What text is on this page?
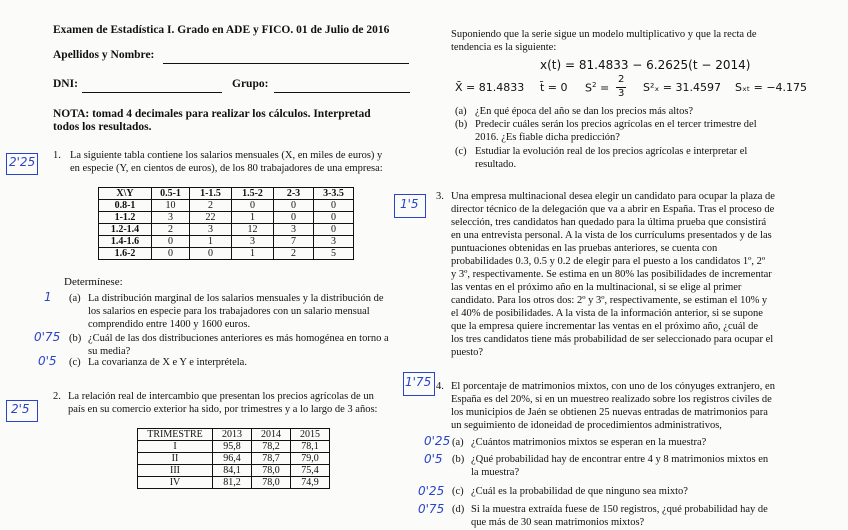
Examen de Estadística I. Grado en ADE y FICO. 01 de Julio de 2016
Apellidos y Nombre:
DNI:	Grupo:
NOTA: tomad 4 decimales para realizar los cálculos. Interpretad
todos los resultados.
2'25 1. La siguiente tabla contiene los salarios mensuales (X, en miles de euros) y
en especie (Y, en cientos de euros), de los 80 trabajadores de una empresa:
X\Y	0.5-1	1-1.5	1.5-2	2-3	3-3.5
0.8-1	10	2	0	0	0
1-1.2	3	22	1	0	0
1.2-1.4	2	3	12	3	0
1.4-1.6	0	1	3	7	3
1.6-2	0	0	1	2	5
Determínese:
1 (a) La distribución marginal de los salarios mensuales y la distribución de
los salarios en especie para los trabajadores con un salario mensual
comprendido entre 1400 y 1600 euros.
0'75 (b) ¿Cuál de las dos distribuciones anteriores es más homogénea en torno a
su media?
0'5 (c) La covarianza de X e Y e interprétela.
2'5
2. La relación real de intercambio que presentan los precios agrícolas de un
país en su comercio exterior ha sido, por trimestres y a lo largo de 3 años:
TRIMESTRE	2013	2014	2015
I	95,8	78,2	78,1
II	96,4	78,7	79,0
III	84,1	78,0	75,4
IV	81,2	78,0	74,9
Suponiendo que la serie sigue un modelo multiplicativo y que la recta de
tendencia es la siguiente:
x(t) = 81.4833 − 6.2625(t − 2014)
X̄ = 81.4833 t̄ = 0 $S^2$ =
2
3 S²ₓ = 31.4597 Sₓₜ = −4.175
(a) ¿En qué época del año se dan los precios más altos?
(b) Predecir cuáles serán los precios agrícolas en el tercer trimestre del
2016. ¿Es fiable dicha predicción?
(c) Estudiar la evolución real de los precios agrícolas e interpretar el
resultado.
1'5
3. Una empresa multinacional desea elegir un candidato para ocupar la plaza de
director técnico de la delegación que va a abrir en España. Tras el proceso de
selección, tres candidatos han quedado para la última prueba que consistirá
en una entrevista personal. A la vista de los currículums presentados y de las
puntuaciones obtenidas en las pruebas anteriores, se cuenta con
probabilidades 0.3, 0.5 y 0.2 de elegir para el puesto a los candidatos 1º, 2º
y 3º, respectivamente. Se estima en un 80% las posibilidades de incrementar
las ventas en el próximo año en la multinacional, si se elige al primer
candidato. Para los otros dos: 2º y 3º, respectivamente, se estiman el 10% y
el 40% de posibilidades. A la vista de la información anterior, si se supone
que la empresa quiere incrementar las ventas en el próximo año, ¿cuál de
los tres candidatos tiene más probabilidad de ser seleccionado para ocupar el
puesto?
1'75 4. El porcentaje de matrimonios mixtos, con uno de los cónyuges extranjero, en
España es del 20%, si en un muestreo realizado sobre los registros civiles de
los municipios de Jaén se obtienen 25 nuevas entradas de matrimonios para
un seguimiento de idoneidad de procedimientos administrativos,
0'25 (a) ¿Cuántos matrimonios mixtos se esperan en la muestra?
0'5 (b) ¿Qué probabilidad hay de encontrar entre 4 y 8 matrimonios mixtos en
la muestra?
0'25 (c) ¿Cuál es la probabilidad de que ninguno sea mixto?
0'75 (d) Si la muestra extraída fuese de 150 registros, ¿qué probabilidad hay de
que más de 30 sean matrimonios mixtos?
